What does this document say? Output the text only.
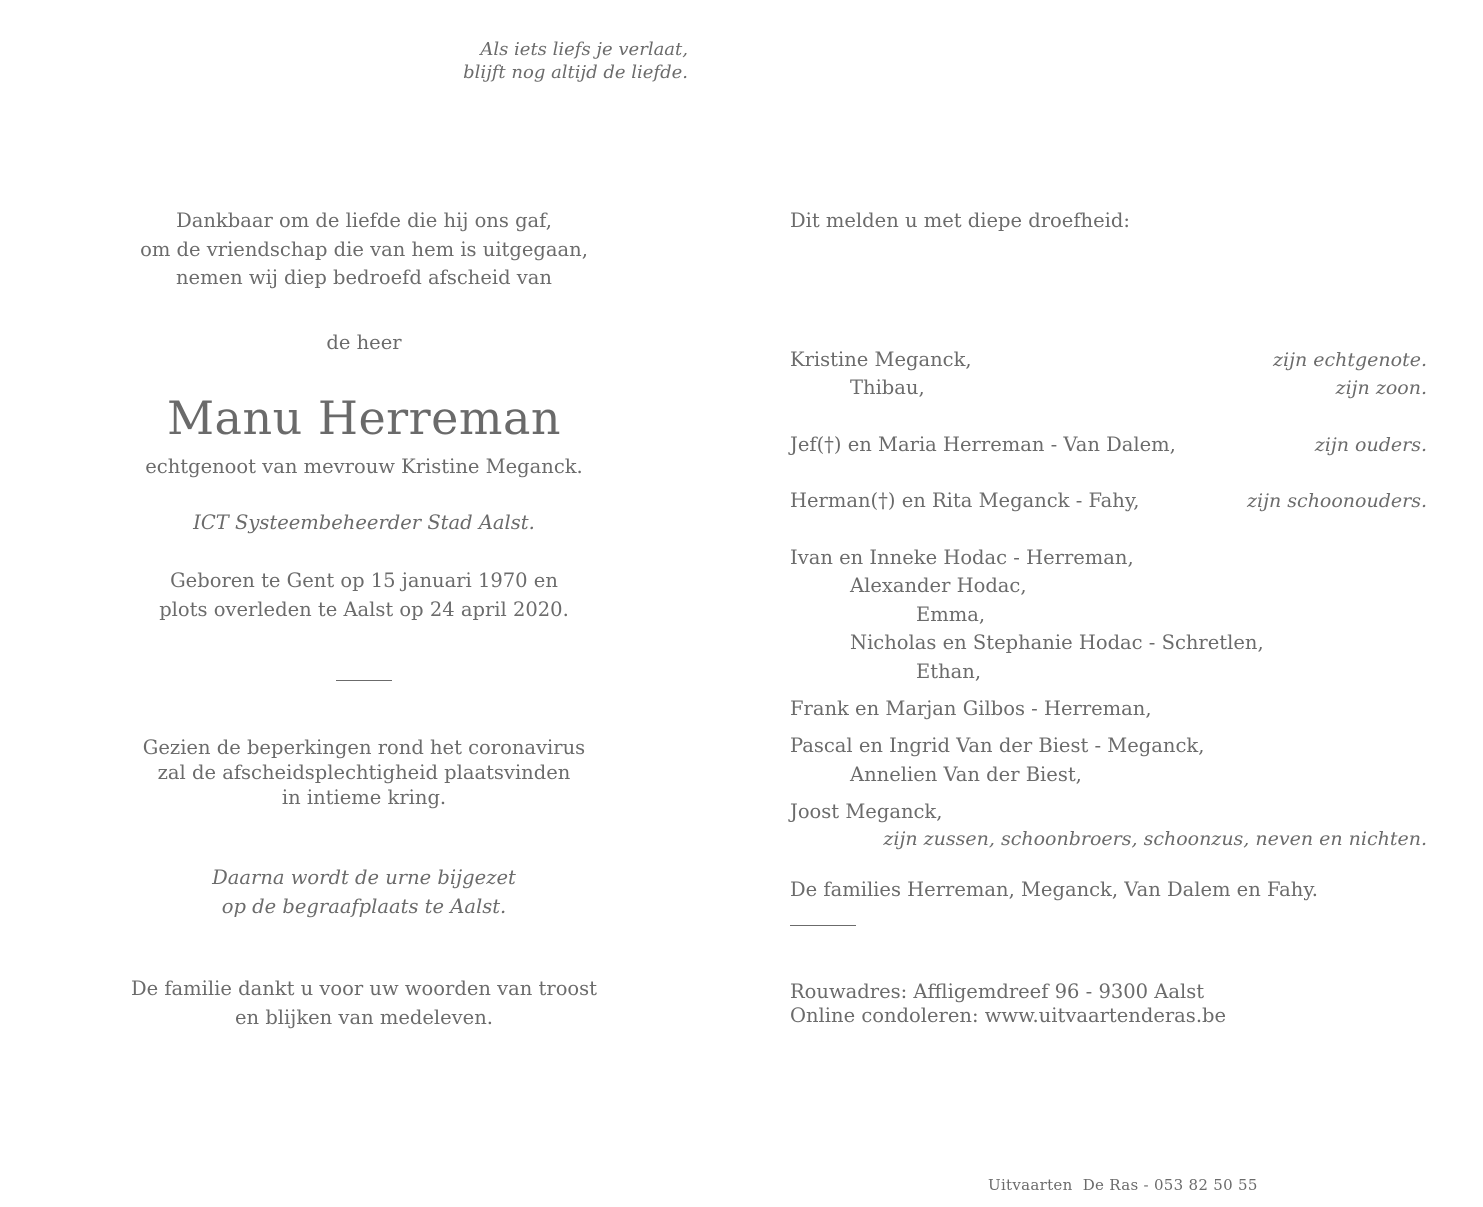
Als iets liefs je verlaat,
blijft nog altijd de liefde.
Dankbaar om de liefde die hij ons gaf,
om de vriendschap die van hem is uitgegaan,
nemen wij diep bedroefd afscheid van
de heer
Manu Herreman
echtgenoot van mevrouw Kristine Meganck.
ICT Systeembeheerder Stad Aalst.
Geboren te Gent op 15 januari 1970 en
plots overleden te Aalst op 24 april 2020.
Gezien de beperkingen rond het coronavirus
zal de afscheidsplechtigheid plaatsvinden
in intieme kring.
Daarna wordt de urne bijgezet
op de begraafplaats te Aalst.
De familie dankt u voor uw woorden van troost
en blijken van medeleven.
Dit melden u met diepe droefheid:
Kristine Meganck,	zijn echtgenote.
Thibau,	zijn zoon.
Jef(†) en Maria Herreman - Van Dalem,	zijn ouders.
Herman(†) en Rita Meganck - Fahy,	zijn schoonouders.
Ivan en Inneke Hodac - Herreman,
Alexander Hodac,
Emma,
Nicholas en Stephanie Hodac - Schretlen,
Ethan,
Frank en Marjan Gilbos - Herreman,
Pascal en Ingrid Van der Biest - Meganck,
Annelien Van der Biest,
Joost Meganck,
zijn zussen, schoonbroers, schoonzus, neven en nichten.
De families Herreman, Meganck, Van Dalem en Fahy.
Rouwadres: Affligemdreef 96 - 9300 Aalst
Online condoleren: www.uitvaartenderas.be
Uitvaarten  De Ras - 053 82 50 55
